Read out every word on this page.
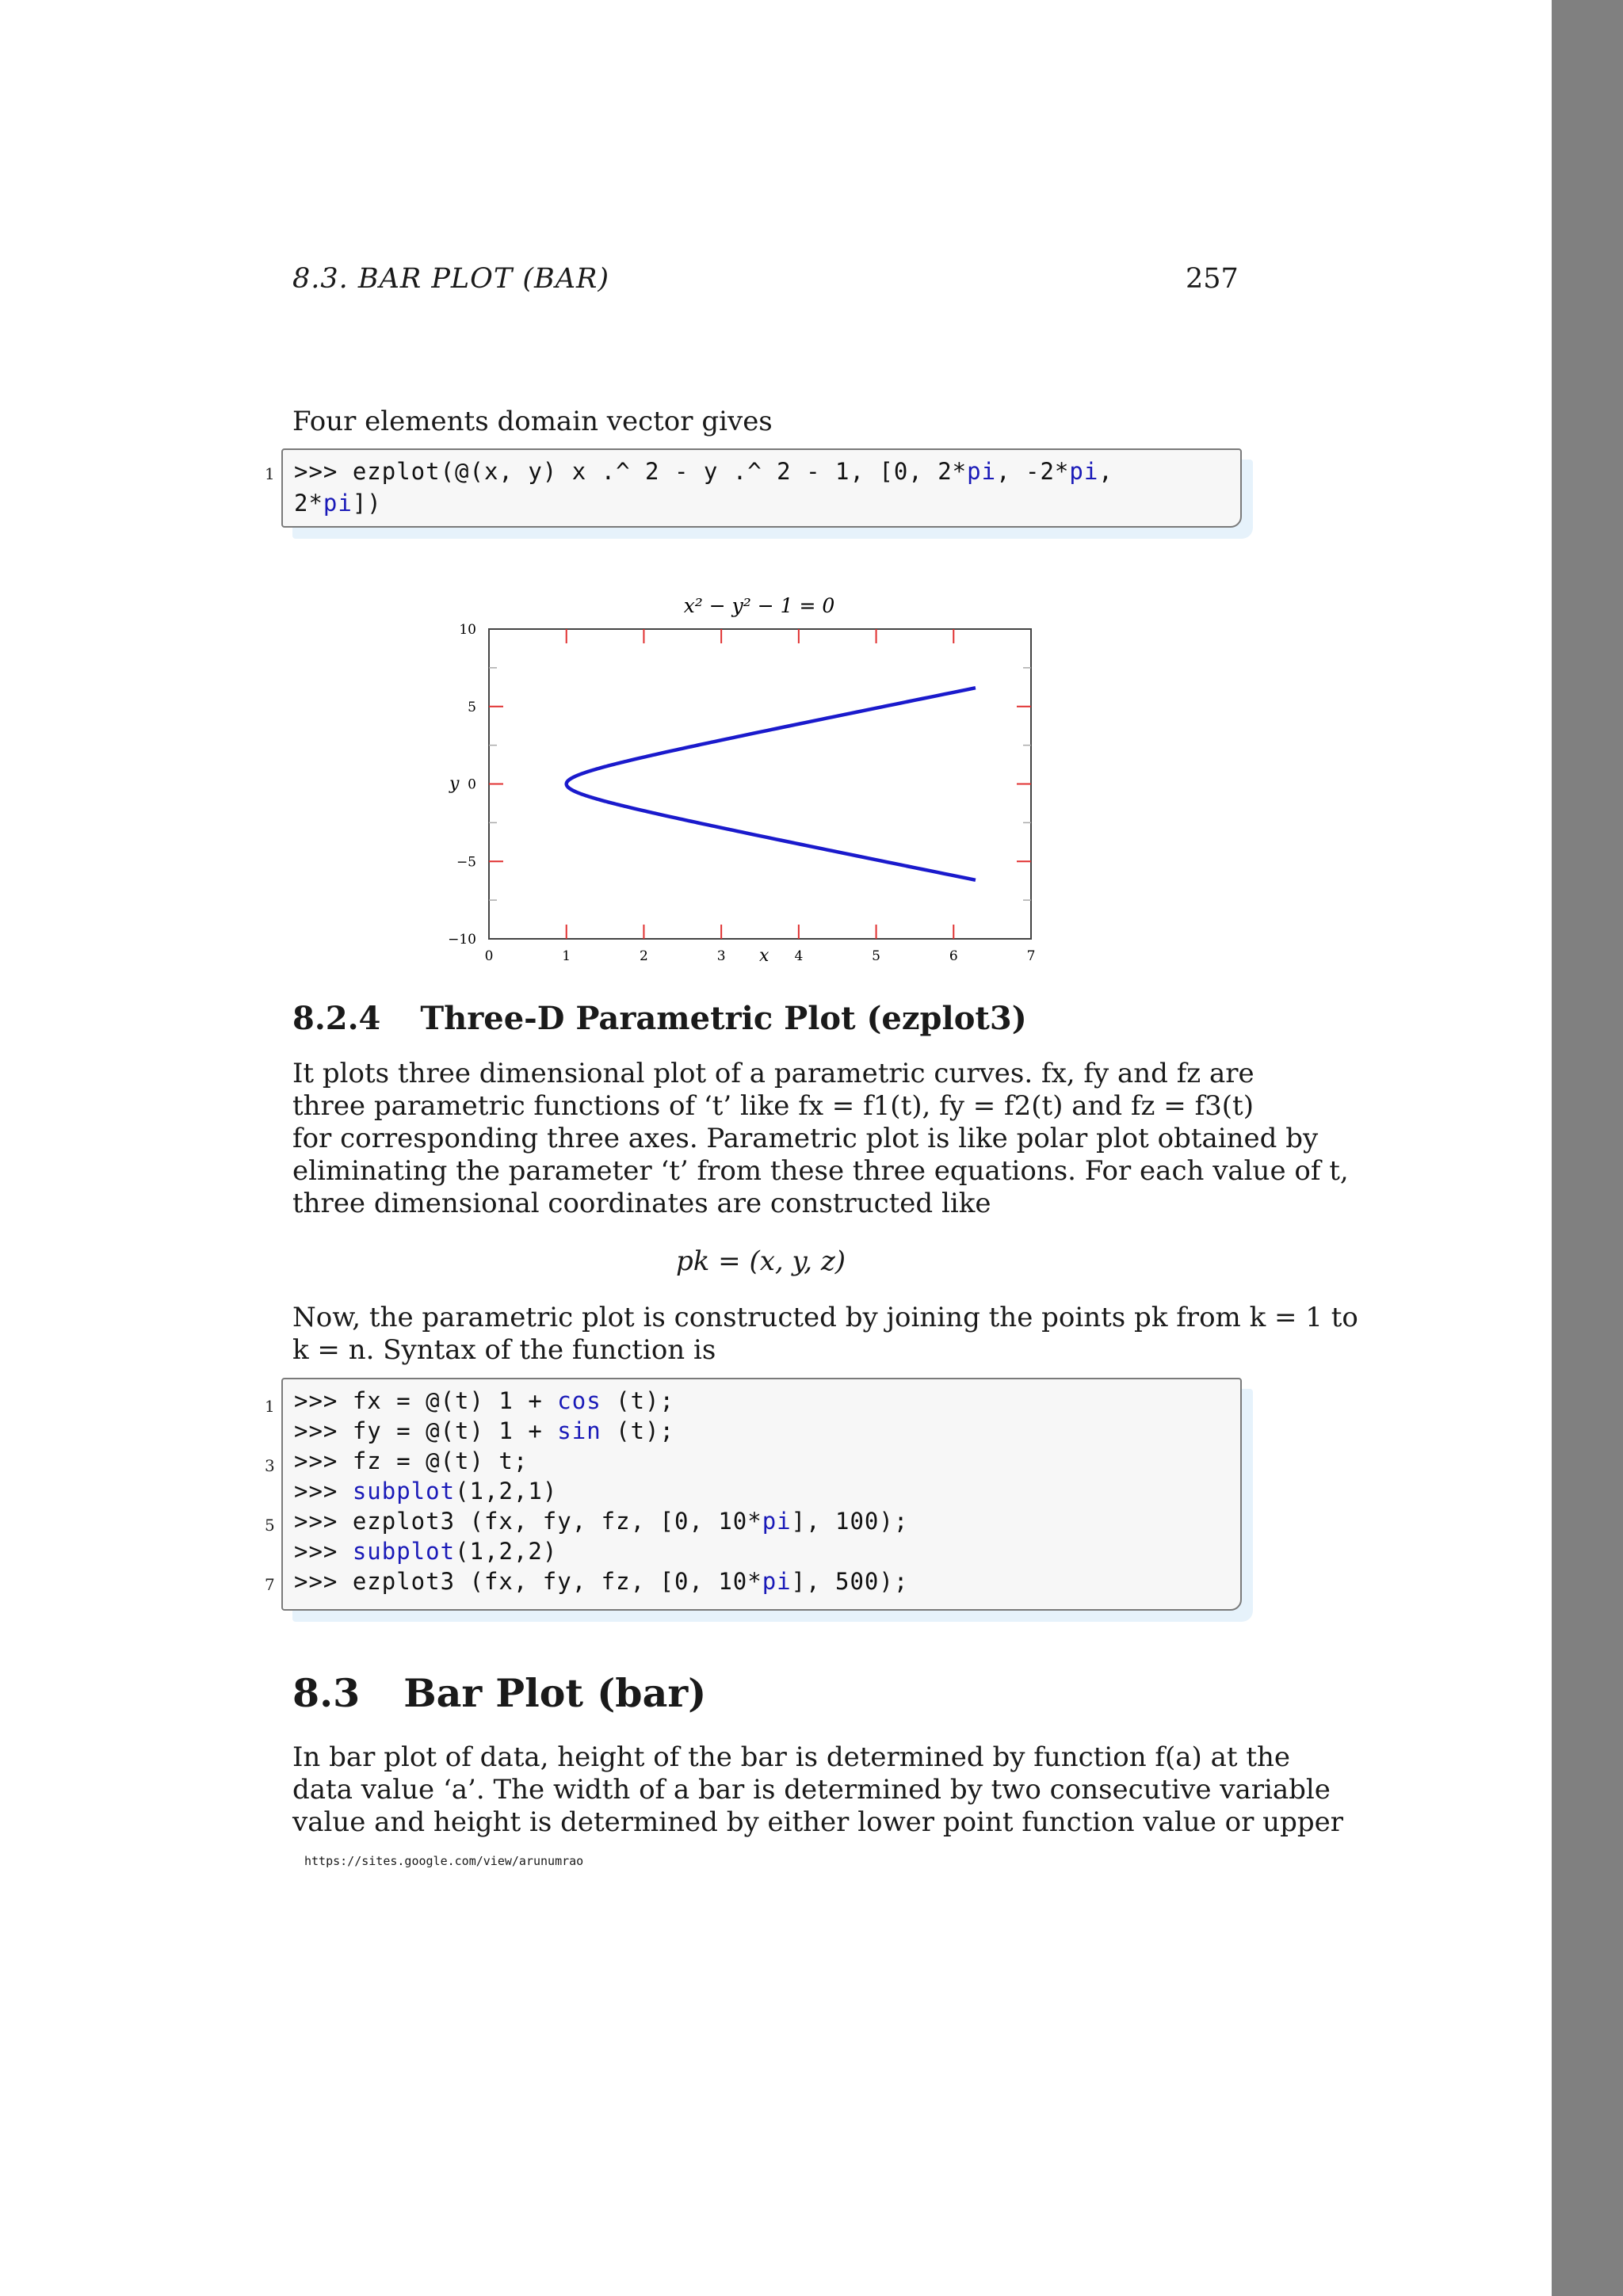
8.3. BAR PLOT (BAR)	257
Four elements domain vector gives
1 >>> ezplot(@(x, y) x .^ 2 - y .^ 2 - 1, [0, 2*pi, -2*pi,
2*pi])
x² − y² − 1 = 0
0	1	2	3	4	5	6	7
10
5
0
−5
−10
y
x
8.2.4 Three-D Parametric Plot (ezplot3)
It plots three dimensional plot of a parametric curves. fx, fy and fz are
three parametric functions of ‘t’ like fx = f1(t), fy = f2(t) and fz = f3(t)
for corresponding three axes. Parametric plot is like polar plot obtained by
eliminating the parameter ‘t’ from these three equations. For each value of t,
three dimensional coordinates are constructed like
pk = (x, y, z)
Now, the parametric plot is constructed by joining the points pk from k = 1 to
k = n. Syntax of the function is
1
3
5
7
>>> fx = @(t) 1 + cos (t);
>>> fy = @(t) 1 + sin (t);
>>> fz = @(t) t;
>>> subplot(1,2,1)
>>> ezplot3 (fx, fy, fz, [0, 10*pi], 100);
>>> subplot(1,2,2)
>>> ezplot3 (fx, fy, fz, [0, 10*pi], 500);
8.3 Bar Plot (bar)
In bar plot of data, height of the bar is determined by function f(a) at the
data value ‘a’. The width of a bar is determined by two consecutive variable
value and height is determined by either lower point function value or upper
https://sites.google.com/view/arunumrao
